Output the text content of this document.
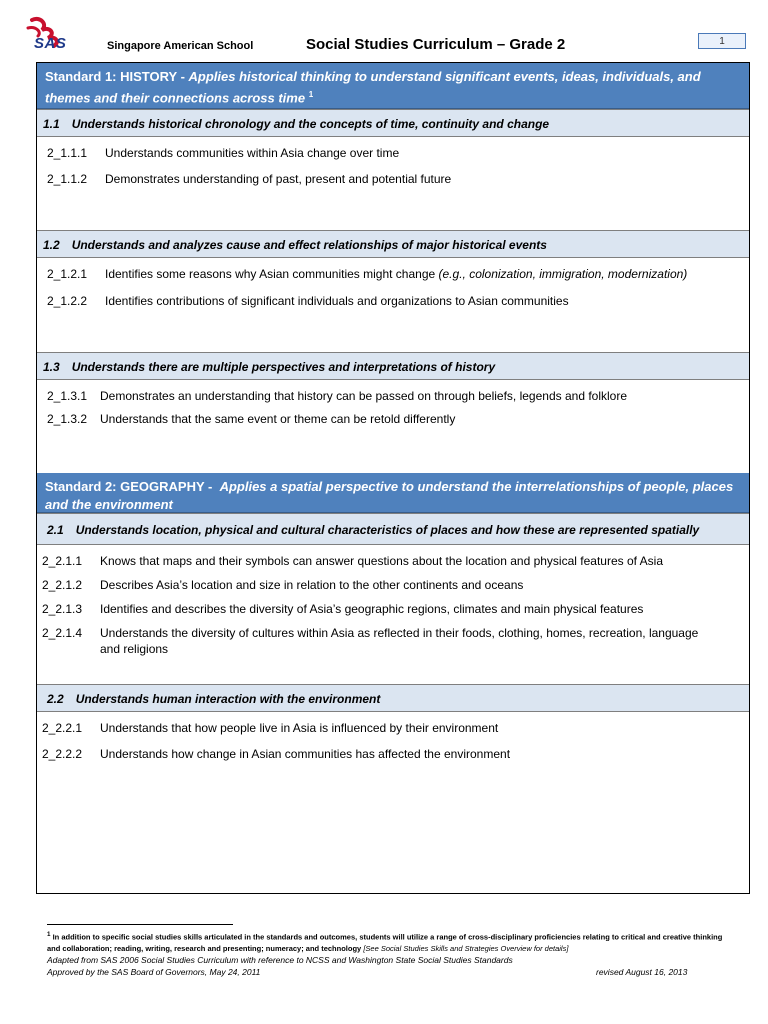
SAS	Singapore American School	Social Studies Curriculum – Grade 2	1
Standard 1: HISTORY - Applies historical thinking to understand significant events, ideas, individuals, and themes and their connections across time $^1$
1.1 Understands historical chronology and the concepts of time, continuity and change
2_1.1.1	Understands communities within Asia change over time
2_1.1.2	Demonstrates understanding of past, present and potential future
1.2 Understands and analyzes cause and effect relationships of major historical events
2_1.2.1	Identifies some reasons why Asian communities might change (e.g., colonization, immigration, modernization)
2_1.2.2	Identifies contributions of significant individuals and organizations to Asian communities
1.3 Understands there are multiple perspectives and interpretations of history
2_1.3.1	Demonstrates an understanding that history can be passed on through beliefs, legends and folklore
2_1.3.2	Understands that the same event or theme can be retold differently
Standard 2: GEOGRAPHY - Applies a spatial perspective to understand the interrelationships of people, places and the environment
2.1 Understands location, physical and cultural characteristics of places and how these are represented spatially
2_2.1.1	Knows that maps and their symbols can answer questions about the location and physical features of Asia
2_2.1.2	Describes Asia’s location and size in relation to the other continents and oceans
2_2.1.3	Identifies and describes the diversity of Asia’s geographic regions, climates and main physical features
2_2.1.4	Understands the diversity of cultures within Asia as reflected in their foods, clothing, homes, recreation, language and religions
2.2 Understands human interaction with the environment
2_2.2.1	Understands that how people live in Asia is influenced by their environment
2_2.2.2	Understands how change in Asian communities has affected the environment
$^1$ In addition to specific social studies skills articulated in the standards and outcomes, students will utilize a range of cross-disciplinary proficiencies relating to critical and creative thinking and collaboration; reading, writing, research and presenting; numeracy; and technology [See Social Studies Skills and Strategies Overview for details]
Adapted from SAS 2006 Social Studies Curriculum with reference to NCSS and Washington State Social Studies Standards
Approved by the SAS Board of Governors, May 24, 2011	revised August 16, 2013
